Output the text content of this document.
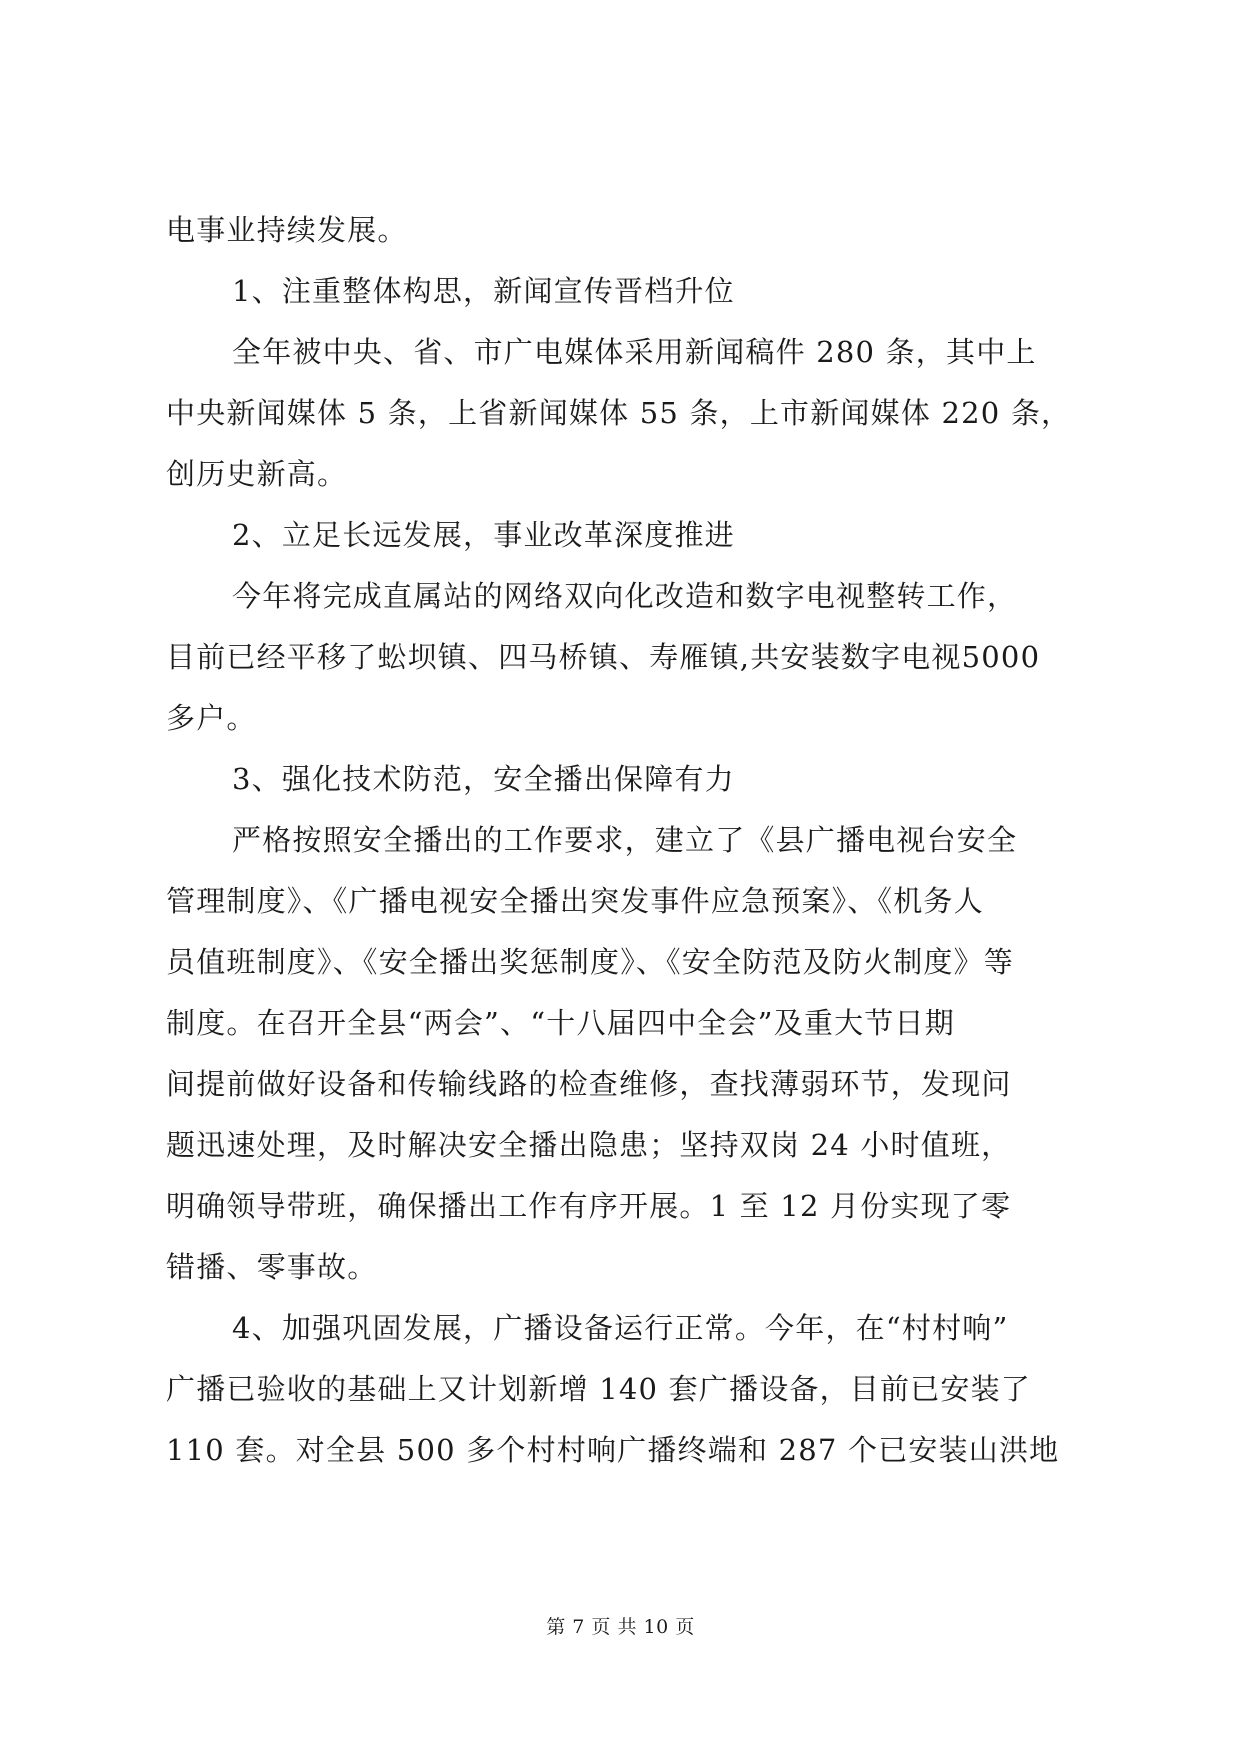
电事业持续发展。
1、注重整体构思，新闻宣传晋档升位
全年被中央、省、市广电媒体采用新闻稿件 280 条，其中上
中央新闻媒体 5 条，上省新闻媒体 55 条，上市新闻媒体 220 条，
创历史新高。
2、立足长远发展，事业改革深度推进
今年将完成直属站的网络双向化改造和数字电视整转工作，
目前已经平移了蚣坝镇、四马桥镇、寿雁镇,共安装数字电视5000
多户。
3、强化技术防范，安全播出保障有力
严格按照安全播出的工作要求，建立了《县广播电视台安全
管理制度》、《广播电视安全播出突发事件应急预案》、《机务人
员值班制度》、《安全播出奖惩制度》、《安全防范及防火制度》等
制度。在召开全县“两会”、“十八届四中全会”及重大节日期
间提前做好设备和传输线路的检查维修，查找薄弱环节，发现问
题迅速处理，及时解决安全播出隐患；坚持双岗 24 小时值班，
明确领导带班，确保播出工作有序开展。1 至 12 月份实现了零
错播、零事故。
4、加强巩固发展，广播设备运行正常。今年，在“村村响”
广播已验收的基础上又计划新增 140 套广播设备，目前已安装了
110 套。对全县 500 多个村村响广播终端和 287 个已安装山洪地
第 7 页 共 10 页
